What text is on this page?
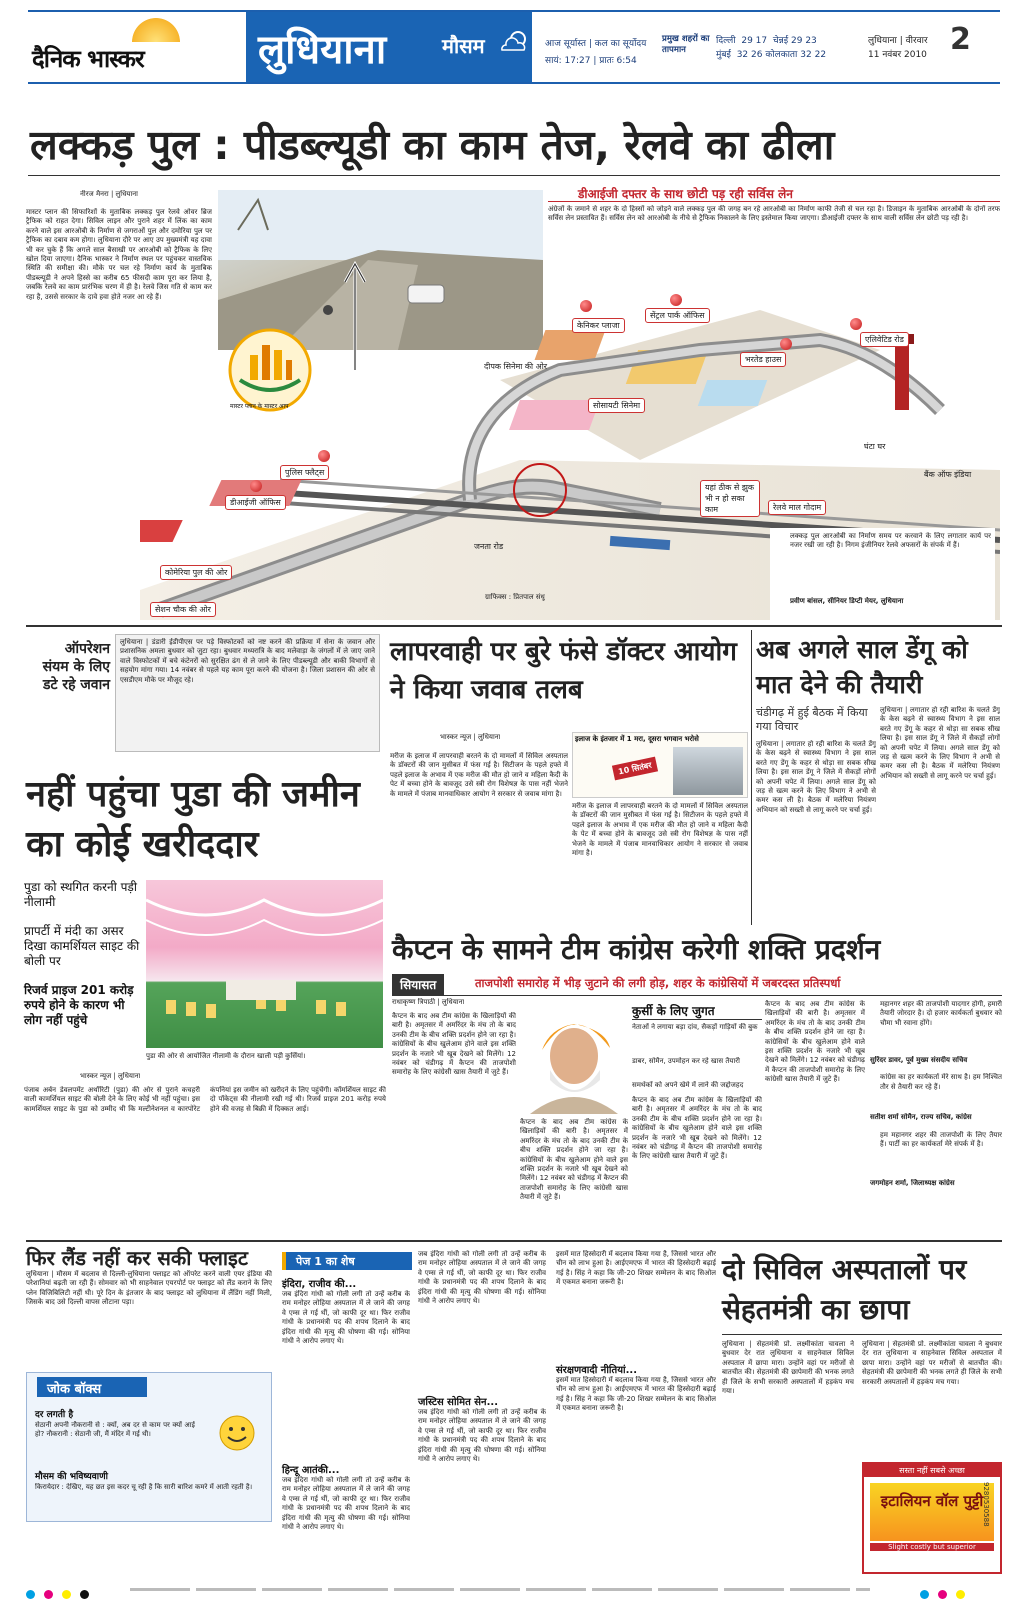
दैनिक भास्कर	लुधियाना	मौसम	आज सूर्यास्त | कल का सूर्योदय
सायं: 17:27 | प्रातः 6:54
प्रमुख शहरों का तापमान
दिल्ली 29 17 चेन्नई 29 23
मुंबई 32 26 कोलकाता 32 22
लुधियाना | वीरवार
11 नवंबर 2010 2
लक्कड़ पुल : पीडब्ल्यूडी का काम तेज, रेलवे का ढीला
नीरज मैनरा | लुधियाना
मास्टर प्लान की सिफारिशों के मुताबिक लक्कड़ पुल रेलवे ओवर ब्रिज ट्रैफिक को राहत देगा। सिविल लाइन और पुराने शहर में लिंक का काम करने वाले इस आरओबी के निर्माण से जगराओं पुल और दमोरिया पुल पर ट्रैफिक का दबाव कम होगा। लुधियाना दौरे पर आए उप मुख्यमंत्री यह दावा भी कर चुके हैं कि अगले साल बैसाखी पर आरओबी को ट्रैफिक के लिए खोल दिया जाएगा। दैनिक भास्कर ने निर्माण स्थल पर पहुंचकर वास्तविक स्थिति की समीक्षा की। मौके पर चल रहे निर्माण कार्य के मुताबिक पीडब्ल्यूडी ने अपने हिस्से का करीब 65 फीसदी काम पूरा कर लिया है, जबकि रेलवे का काम प्रारंभिक चरण में ही है। रेलवे जिस गति से काम कर रहा है, उससे सरकार के दावे हवा होते नजर आ रहे हैं।
डीआईजी दफ्तर के साथ छोटी पड़ रही सर्विस लेन
अंग्रेजों के जमाने से शहर के दो हिस्सों को जोड़ने वाले लक्कड़ पुल की जगह बन रहे आरओबी का निर्माण काफी तेजी से चल रहा है। डिजाइन के मुताबिक आरओबी के दोनों तरफ सर्विस लेन प्रस्तावित हैं। सर्विस लेन को आरओबी के नीचे से ट्रैफिक निकालने के लिए इस्तेमाल किया जाएगा। डीआईजी दफ्तर के साथ वाली सर्विस लेन छोटी पड़ रही है।
मास्टर प्लान के मास्टर आप
केनिकर प्लाजा
सेंट्रल पार्क ऑफिस
एलिवेटिड रोड
दीपक सिनेमा की ओर
भरतेड हाउस
सोसायटी सिनेमा
पुलिस फ्लैट्स
डीआईजी ऑफिस
जनता रोड
यहां ठीक से झुक भी न हो सका काम	रेलवे माल गोदाम
घंटा घर
बैंक ऑफ इंडिया
कोमेरिया पुल की ओर
सेशन चौक की ओर
ग्राफिक्स : प्रितपाल संधू
लक्कड़ पुल आरओबी का निर्माण समय पर करवाने के लिए लगातार कार्य पर नजर रखी जा रही है। निगम इंजीनियर रेलवे अफसरों के संपर्क में हैं।
प्रवीण बांसल, सीनियर डिप्टी मेयर, लुधियाना
ऑपरेशन संयम के लिए डटे रहे जवान
लुधियाना | डंडारी ईडीपीएस पर पड़े विस्फोटकों को नष्ट करने की प्रक्रिया में सेना के जवान और प्रशासनिक अमला बुधवार को जुटा रहा। बुधवार मध्यरात्रि के बाद मलेवाड़ा के जंगलों में ले जाए जाने वाले विस्फोटकों में बचे कंटेनरों को सुरक्षित ढंग से ले जाने के लिए पीडब्ल्यूडी और बाकी विभागों से सहयोग मांगा गया। 14 नवंबर से पहले यह काम पूरा करने की योजना है। जिला प्रशासन की ओर से एसडीएम मौके पर मौजूद रहे।
नहीं पहुंचा पुडा की जमीन का कोई खरीददार
पुडा को स्थगित करनी पड़ी नीलामी
प्रापर्टी में मंदी का असर दिखा कामर्शियल साइट की बोली पर
रिजर्व प्राइज 201 करोड़ रुपये होने के कारण भी लोग नहीं पहुंचे
पुडा की ओर से आयोजित नीलामी के दौरान खाली पड़ी कुर्सियां।
भास्कर न्यूज | लुधियाना
पंजाब अर्बन डेवलपमेंट अथॉरिटी (पुडा) की ओर से पुराने कचहरी वाली कामर्शियल साइट की बोली देने के लिए कोई भी नहीं पहुंचा। इस कामर्शियल साइट के पुडा को उम्मीद थी कि मल्टीनेशनल व कारपोरेट कंपनियां इस जमीन को खरीदने के लिए पहुंचेंगी। कॉमर्शियल साइट की दो पॉकेट्स की नीलामी रखी गई थी। रिजर्व प्राइज 201 करोड़ रुपये होने की वजह से बिक्री में दिक्कत आई।
लापरवाही पर बुरे फंसे डॉक्टर आयोग ने किया जवाब तलब
भास्कर न्यूज | लुधियाना	इलाज के इंतजार में 1 मरा, दूसरा भगवान भरोसे
10 सितंबर
मरीज के इलाज में लापरवाही बरतने के दो मामलों में सिविल अस्पताल के डॉक्टरों की जान मुसीबत में फंस गई है। सिटीजन के पहले हफ्ते में पहले इलाज के अभाव में एक मरीज की मौत हो जाने व महिला कैदी के पेट में बच्चा होने के बावजूद उसे स्त्री रोग विशेषज्ञ के पास नहीं भेजने के मामले में पंजाब मानवाधिकार आयोग ने सरकार से जवाब मांगा है।
मरीज के इलाज में लापरवाही बरतने के दो मामलों में सिविल अस्पताल के डॉक्टरों की जान मुसीबत में फंस गई है। सिटीजन के पहले हफ्ते में पहले इलाज के अभाव में एक मरीज की मौत हो जाने व महिला कैदी के पेट में बच्चा होने के बावजूद उसे स्त्री रोग विशेषज्ञ के पास नहीं भेजने के मामले में पंजाब मानवाधिकार आयोग ने सरकार से जवाब मांगा है।
अब अगले साल डेंगू को मात देने की तैयारी
चंडीगढ़ में हुई बैठक में किया गया विचार
लुधियाना | लगातार हो रही बारिश के चलते डेंगू के केस बढ़ने से स्वास्थ्य विभाग ने इस साल बरते गए डेंगू के कहर से थोड़ा सा सबक सीख लिया है। इस साल डेंगू ने जिले में सैकड़ों लोगों को अपनी चपेट में लिया। अगले साल डेंगू को जड़ से खत्म करने के लिए विभाग ने अभी से कमर कस ली है। बैठक में मलेरिया नियंत्रण अभियान को सख्ती से लागू करने पर चर्चा हुई।
लुधियाना | लगातार हो रही बारिश के चलते डेंगू के केस बढ़ने से स्वास्थ्य विभाग ने इस साल बरते गए डेंगू के कहर से थोड़ा सा सबक सीख लिया है। इस साल डेंगू ने जिले में सैकड़ों लोगों को अपनी चपेट में लिया। अगले साल डेंगू को जड़ से खत्म करने के लिए विभाग ने अभी से कमर कस ली है। बैठक में मलेरिया नियंत्रण अभियान को सख्ती से लागू करने पर चर्चा हुई।
कैप्टन के सामने टीम कांग्रेस करेगी शक्ति प्रदर्शन
सियासत	ताजपोशी समारोह में भीड़ जुटाने की लगी होड़, शहर के कांग्रेसियों में जबरदस्त प्रतिस्पर्धा
राधाकृष्ण त्रिपाठी | लुधियाना
कुर्सी के लिए जुगत
नेताओं ने लगाया बड़ा दांव, सैकड़ों गाड़ियों की बुक
डाबर, सोमैन, उपमोहन कर रहे खास तैयारी
समर्थकों को अपने खेमे में लाने की जद्दोजहद
कैप्टन के बाद अब टीम कांग्रेस के खिलाड़ियों की बारी है। अमृतसर में अमरिंदर के मंच तो के बाद उनकी टीम के बीच शक्ति प्रदर्शन होने जा रहा है। कांग्रेसियों के बीच खुलेआम होने वाले इस शक्ति प्रदर्शन के नजारे भी खूब देखने को मिलेंगे। 12 नवंबर को चंडीगढ़ में कैप्टन की ताजपोशी समारोह के लिए कांग्रेसी खास तैयारी में जुटे हैं।
कैप्टन के बाद अब टीम कांग्रेस के खिलाड़ियों की बारी है। अमृतसर में अमरिंदर के मंच तो के बाद उनकी टीम के बीच शक्ति प्रदर्शन होने जा रहा है। कांग्रेसियों के बीच खुलेआम होने वाले इस शक्ति प्रदर्शन के नजारे भी खूब देखने को मिलेंगे। 12 नवंबर को चंडीगढ़ में कैप्टन की ताजपोशी समारोह के लिए कांग्रेसी खास तैयारी में जुटे हैं।
कैप्टन के बाद अब टीम कांग्रेस के खिलाड़ियों की बारी है। अमृतसर में अमरिंदर के मंच तो के बाद उनकी टीम के बीच शक्ति प्रदर्शन होने जा रहा है। कांग्रेसियों के बीच खुलेआम होने वाले इस शक्ति प्रदर्शन के नजारे भी खूब देखने को मिलेंगे। 12 नवंबर को चंडीगढ़ में कैप्टन की ताजपोशी समारोह के लिए कांग्रेसी खास तैयारी में जुटे हैं।
कैप्टन के बाद अब टीम कांग्रेस के खिलाड़ियों की बारी है। अमृतसर में अमरिंदर के मंच तो के बाद उनकी टीम के बीच शक्ति प्रदर्शन होने जा रहा है। कांग्रेसियों के बीच खुलेआम होने वाले इस शक्ति प्रदर्शन के नजारे भी खूब देखने को मिलेंगे। 12 नवंबर को चंडीगढ़ में कैप्टन की ताजपोशी समारोह के लिए कांग्रेसी खास तैयारी में जुटे हैं।
महानगर शहर की ताजपोशी यादगार होगी, हमारी तैयारी जोरदार है। दो हजार कार्यकर्ता बुधवार को चौमा भी रवाना होंगे।
सुरिंदर डावर, पूर्व मुख्य संसदीय सचिव
कांग्रेस का हर कार्यकर्ता मेरे साथ है। हम निश्चित तौर से तैयारी कर रहे हैं।
सतीश शर्मा सोमैन, राज्य सचिव, कांग्रेस
हम महानगर शहर की ताजपोशी के लिए तैयार हैं। पार्टी का हर कार्यकर्ता मेरे संपर्क में है।
जगमोहन शर्मा, जिलाध्यक्ष कांग्रेस
फिर लैंड नहीं कर सकी फ्लाइट
लुधियाना | मौसम में बदलाव से दिल्ली-लुधियाना फ्लाइट को ऑपरेट करने वाली एयर इंडिया की परेशानियां बढ़ती जा रही हैं। सोमवार को भी साहनेवाल एयरपोर्ट पर फ्लाइट को लैंड कराने के लिए प्लेन विजिबिलिटी नहीं थी। पूरे दिन के इंतजार के बाद फ्लाइट को लुधियाना में लैंडिंग नहीं मिली, जिसके बाद उसे दिल्ली वापस लौटाना पड़ा।
जोक बॉक्स
दर लगती है
सेठानी अपनी नौकरानी से : क्यों, अब दर से काम पर क्यों आई हो? नौकरानी : सेठानी जी, मैं मंदिर में गई थी।
मौसम की भविष्यवाणी
किरायेदार : देखिए, यह छत इस कदर चू रही है कि सारी बारिश कमरे में आती रहती है।
पेज 1 का शेष
इंदिरा, राजीव की...
जब इंदिरा गांधी को गोली लगी तो उन्हें करीब के राम मनोहर लोहिया अस्पताल में ले जाने की जगह वे एम्स ले गई थीं, जो काफी दूर था। फिर राजीव गांधी के प्रधानमंत्री पद की शपथ दिलाने के बाद इंदिरा गांधी की मृत्यु की घोषणा की गई। सोनिया गांधी ने आरोप लगाए थे।
हिन्दू आतंकी...
जब इंदिरा गांधी को गोली लगी तो उन्हें करीब के राम मनोहर लोहिया अस्पताल में ले जाने की जगह वे एम्स ले गई थीं, जो काफी दूर था। फिर राजीव गांधी के प्रधानमंत्री पद की शपथ दिलाने के बाद इंदिरा गांधी की मृत्यु की घोषणा की गई। सोनिया गांधी ने आरोप लगाए थे।
जब इंदिरा गांधी को गोली लगी तो उन्हें करीब के राम मनोहर लोहिया अस्पताल में ले जाने की जगह वे एम्स ले गई थीं, जो काफी दूर था। फिर राजीव गांधी के प्रधानमंत्री पद की शपथ दिलाने के बाद इंदिरा गांधी की मृत्यु की घोषणा की गई। सोनिया गांधी ने आरोप लगाए थे।
जस्टिस सोमित सेन...
जब इंदिरा गांधी को गोली लगी तो उन्हें करीब के राम मनोहर लोहिया अस्पताल में ले जाने की जगह वे एम्स ले गई थीं, जो काफी दूर था। फिर राजीव गांधी के प्रधानमंत्री पद की शपथ दिलाने के बाद इंदिरा गांधी की मृत्यु की घोषणा की गई। सोनिया गांधी ने आरोप लगाए थे।
इसमें मात हिस्सेदारी में बदलाव किया गया है, जिससे भारत और चीन को लाभ हुआ है। आईएमएफ में भारत की हिस्सेदारी बढ़ाई गई है। सिंह ने कहा कि जी-20 शिखर सम्मेलन के बाद सिओल में एकमत बनाना जरूरी है।
संरक्षणवादी नीतियां...
इसमें मात हिस्सेदारी में बदलाव किया गया है, जिससे भारत और चीन को लाभ हुआ है। आईएमएफ में भारत की हिस्सेदारी बढ़ाई गई है। सिंह ने कहा कि जी-20 शिखर सम्मेलन के बाद सिओल में एकमत बनाना जरूरी है।
दो सिविल अस्पतालों पर सेहतमंत्री का छापा
लुधियाना | सेहतमंत्री प्रो. लक्ष्मीकांता चावला ने बुधवार देर रात लुधियाना व साहनेवाल सिविल अस्पताल में छापा मारा। उन्होंने वहां पर मरीजों से बातचीत की। सेहतमंत्री की छापेमारी की भनक लगते ही जिले के सभी सरकारी अस्पतालों में हड़कंप मच गया।
लुधियाना | सेहतमंत्री प्रो. लक्ष्मीकांता चावला ने बुधवार देर रात लुधियाना व साहनेवाल सिविल अस्पताल में छापा मारा। उन्होंने वहां पर मरीजों से बातचीत की। सेहतमंत्री की छापेमारी की भनक लगते ही जिले के सभी सरकारी अस्पतालों में हड़कंप मच गया।
सस्ता नहीं सबसे अच्छा
इटालियन वॉल पुट्टी
Slight costly but superior
9280530588
